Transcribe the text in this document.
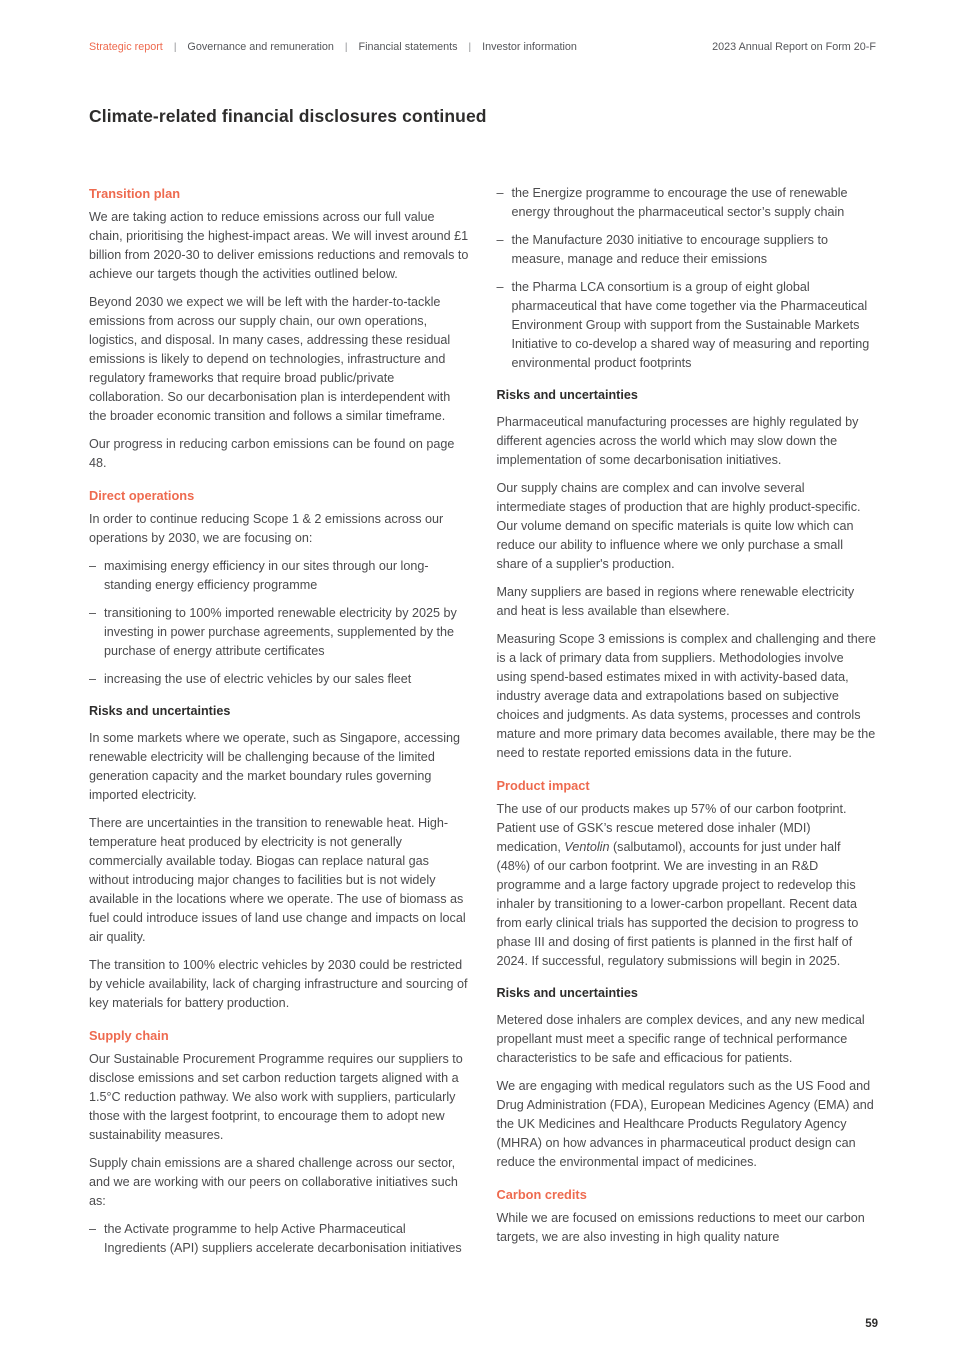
Strategic report | Governance and remuneration | Financial statements | Investor information	2023 Annual Report on Form 20-F
Climate-related financial disclosures continued
Transition plan

We are taking action to reduce emissions across our full value chain, prioritising the highest-impact areas. We will invest around £1 billion from 2020-30 to deliver emissions reductions and removals to achieve our targets though the activities outlined below.

Beyond 2030 we expect we will be left with the harder-to-tackle emissions from across our supply chain, our own operations, logistics, and disposal. In many cases, addressing these residual emissions is likely to depend on technologies, infrastructure and regulatory frameworks that require broad public/private collaboration. So our decarbonisation plan is interdependent with the broader economic transition and follows a similar timeframe.

Our progress in reducing carbon emissions can be found on page 48.

Direct operations

In order to continue reducing Scope 1 & 2 emissions across our operations by 2030, we are focusing on:

– maximising energy efficiency in our sites through our long-standing energy efficiency programme
– transitioning to 100% imported renewable electricity by 2025 by investing in power purchase agreements, supplemented by the purchase of energy attribute certificates
– increasing the use of electric vehicles by our sales fleet
Risks and uncertainties

In some markets where we operate, such as Singapore, accessing renewable electricity will be challenging because of the limited generation capacity and the market boundary rules governing imported electricity.

There are uncertainties in the transition to renewable heat. High-temperature heat produced by electricity is not generally commercially available today. Biogas can replace natural gas without introducing major changes to facilities but is not widely available in the locations where we operate. The use of biomass as fuel could introduce issues of land use change and impacts on local air quality.

The transition to 100% electric vehicles by 2030 could be restricted by vehicle availability, lack of charging infrastructure and sourcing of key materials for battery production.

Supply chain

Our Sustainable Procurement Programme requires our suppliers to disclose emissions and set carbon reduction targets aligned with a 1.5°C reduction pathway. We also work with suppliers, particularly those with the largest footprint, to encourage them to adopt new sustainability measures.

Supply chain emissions are a shared challenge across our sector, and we are working with our peers on collaborative initiatives such as:

– the Activate programme to help Active Pharmaceutical Ingredients (API) suppliers accelerate decarbonisation initiatives
– the Energize programme to encourage the use of renewable energy throughout the pharmaceutical sector’s supply chain
– the Manufacture 2030 initiative to encourage suppliers to measure, manage and reduce their emissions
– the Pharma LCA consortium is a group of eight global pharmaceutical that have come together via the Pharmaceutical Environment Group with support from the Sustainable Markets Initiative to co-develop a shared way of measuring and reporting environmental product footprints
Risks and uncertainties

Pharmaceutical manufacturing processes are highly regulated by different agencies across the world which may slow down the implementation of some decarbonisation initiatives.

Our supply chains are complex and can involve several intermediate stages of production that are highly product-specific. Our volume demand on specific materials is quite low which can reduce our ability to influence where we only purchase a small share of a supplier's production.

Many suppliers are based in regions where renewable electricity and heat is less available than elsewhere.

Measuring Scope 3 emissions is complex and challenging and there is a lack of primary data from suppliers. Methodologies involve using spend-based estimates mixed in with activity-based data, industry average data and extrapolations based on subjective choices and judgments. As data systems, processes and controls mature and more primary data becomes available, there may be the need to restate reported emissions data in the future.

Product impact

The use of our products makes up 57% of our carbon footprint. Patient use of GSK’s rescue metered dose inhaler (MDI) medication, Ventolin (salbutamol), accounts for just under half (48%) of our carbon footprint. We are investing in an R&D programme and a large factory upgrade project to redevelop this inhaler by transitioning to a lower-carbon propellant. Recent data from early clinical trials has supported the decision to progress to phase III and dosing of first patients is planned in the first half of 2024. If successful, regulatory submissions will begin in 2025.

Risks and uncertainties

Metered dose inhalers are complex devices, and any new medical propellant must meet a specific range of technical performance characteristics to be safe and efficacious for patients.

We are engaging with medical regulators such as the US Food and Drug Administration (FDA), European Medicines Agency (EMA) and the UK Medicines and Healthcare Products Regulatory Agency (MHRA) on how advances in pharmaceutical product design can reduce the environmental impact of medicines.

Carbon credits

While we are focused on emissions reductions to meet our carbon targets, we are also investing in high quality nature

59
